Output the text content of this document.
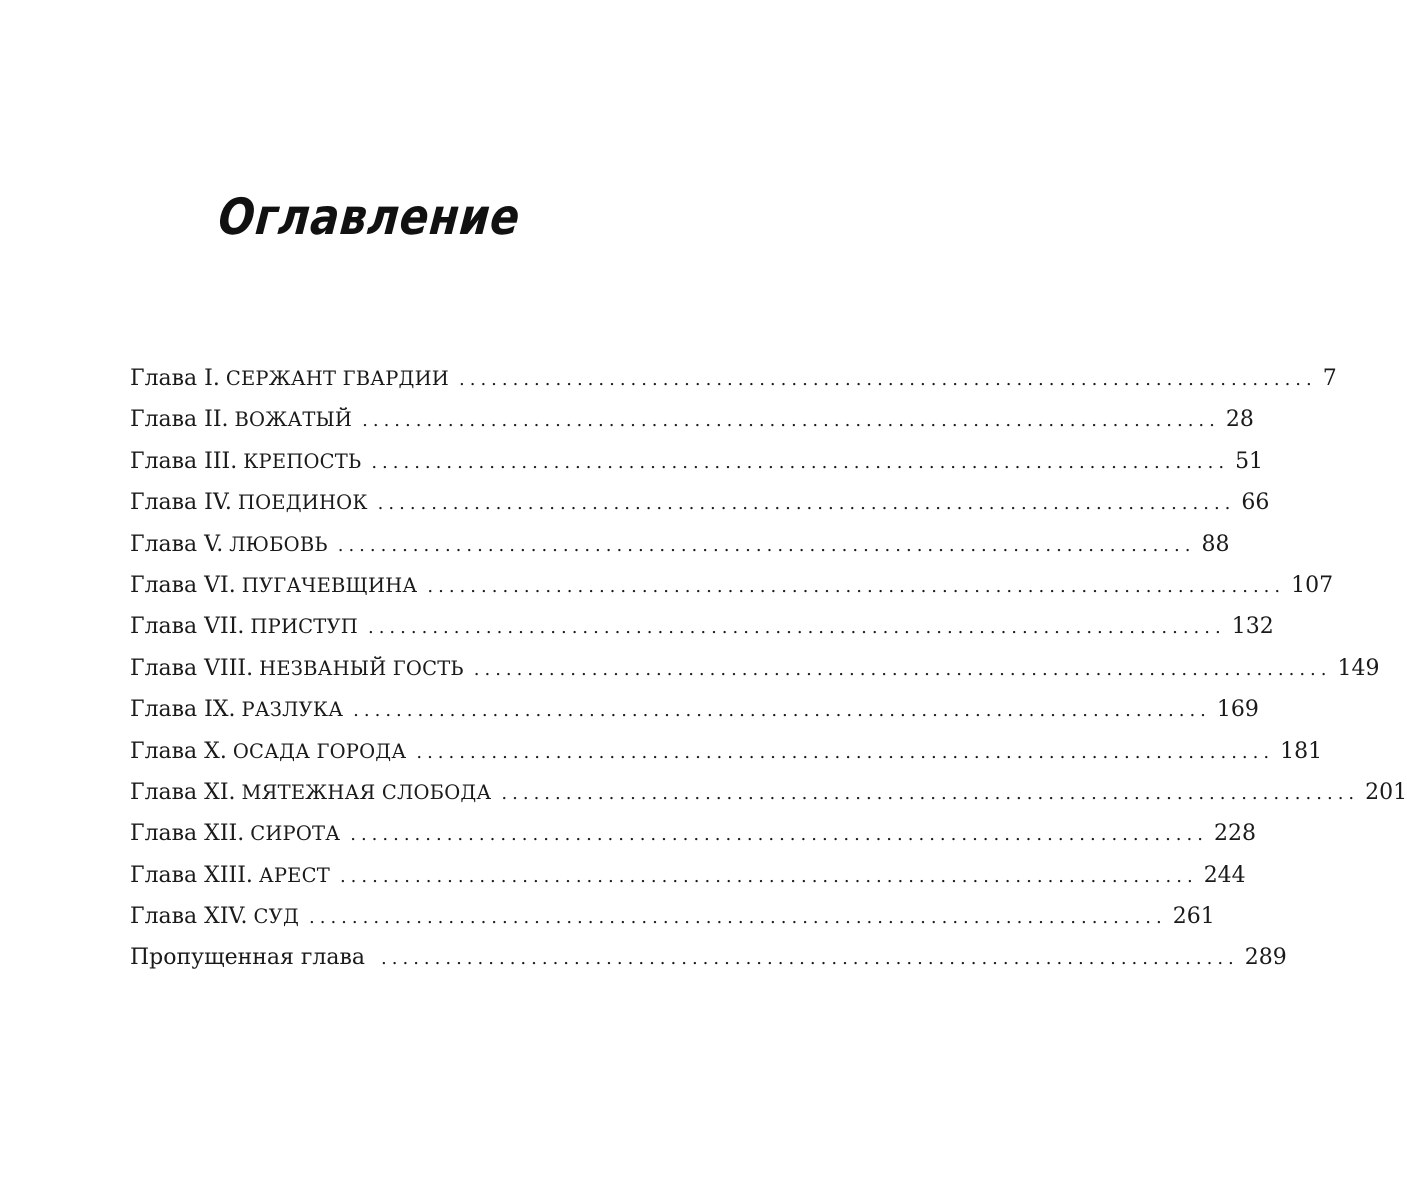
Оглавление
Глава I. СЕРЖАНТ ГВАРДИИ ................................................................................ 7
Глава II. ВОЖАТЫЙ ................................................................................ 28
Глава III. КРЕПОСТЬ ................................................................................ 51
Глава IV. ПОЕДИНОК ................................................................................ 66
Глава V. ЛЮБОВЬ ................................................................................ 88
Глава VI. ПУГАЧЕВЩИНА ................................................................................ 107
Глава VII. ПРИСТУП ................................................................................ 132
Глава VIII. НЕЗВАНЫЙ ГОСТЬ ................................................................................ 149
Глава IX. РАЗЛУКА ................................................................................ 169
Глава X. ОСАДА ГОРОДА ................................................................................ 181
Глава XI. МЯТЕЖНАЯ СЛОБОДА ................................................................................ 201
Глава XII. СИРОТА ................................................................................ 228
Глава XIII. АРЕСТ ................................................................................ 244
Глава XIV. СУД ................................................................................ 261
Пропущенная глава ................................................................................ 289
